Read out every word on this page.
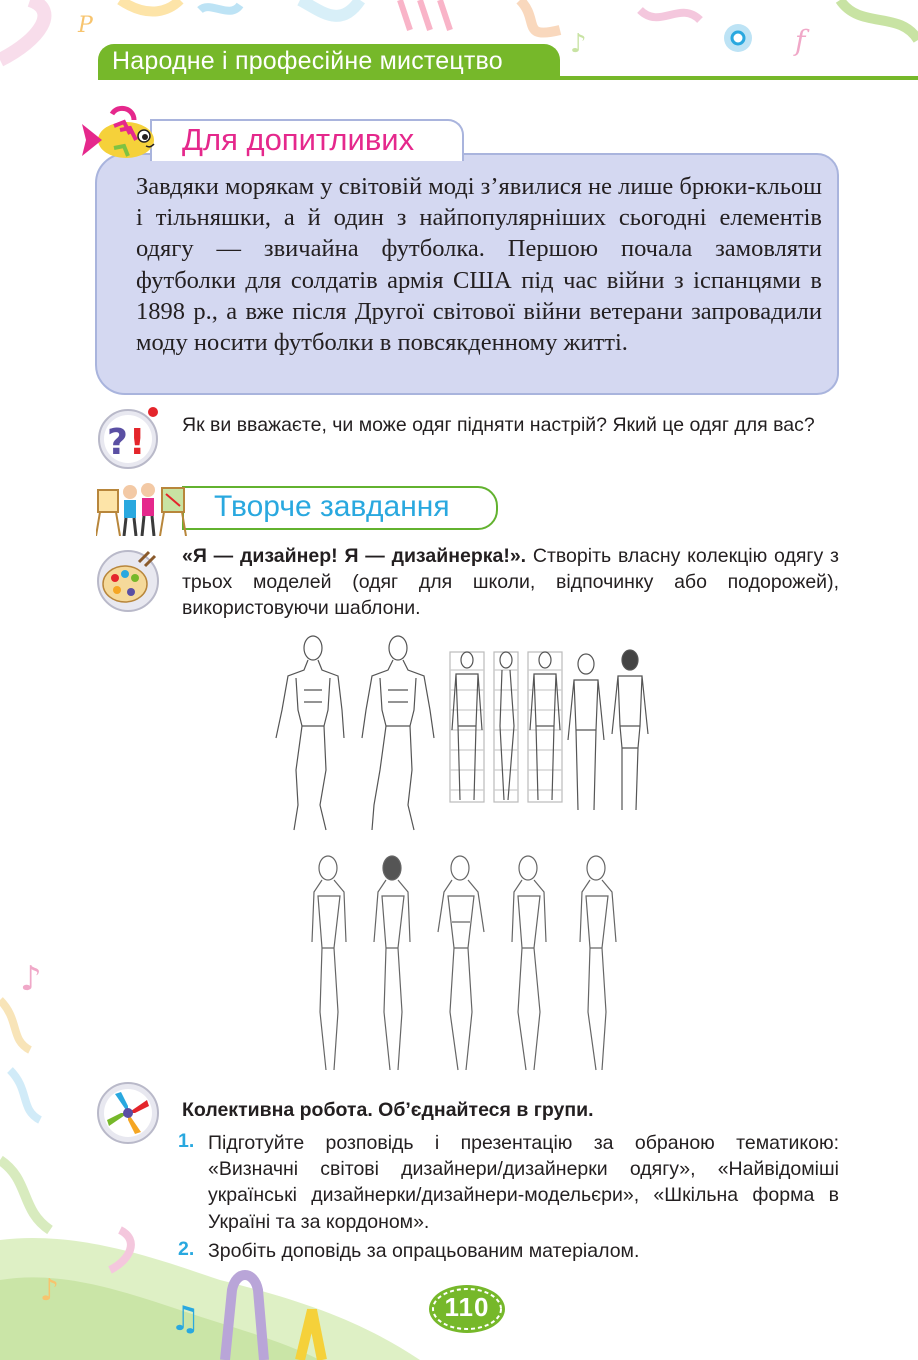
♪	f
P
Народне і професійне мистецтво
Для допитливих
Завдяки морякам у світовій моді з’явилися не лише брюки-кльош і тільняшки, а й один з найпопулярніших сьогодні елементів одягу — звичайна футболка. Першою почала замовляти футболки для солдатів армія США під час війни з іспанцями в 1898 р., а вже після Другої світової війни ветерани запровадили моду носити футболки в повсякденному житті.
? ! Як ви вважаєте, чи може одяг підняти настрій? Який це одяг для вас?
Творче завдання
«Я — дизайнер! Я — дизайнерка!». Створіть власну колекцію одягу з трьох моделей (одяг для школи, відпочинку або подорожей), використовуючи шаблони.
Колективна робота. Об’єднайтеся в групи.
1. Підготуйте розповідь і презентацію за обраною тематикою: «Визначні світові дизайнери/дизайнерки одягу», «Найвідоміші українські дизайнерки/дизайнери-модельєри», «Шкільна форма в Україні та за кордоном».
2. Зробіть доповідь за опрацьованим матеріалом.
♪
♪
♫	110
